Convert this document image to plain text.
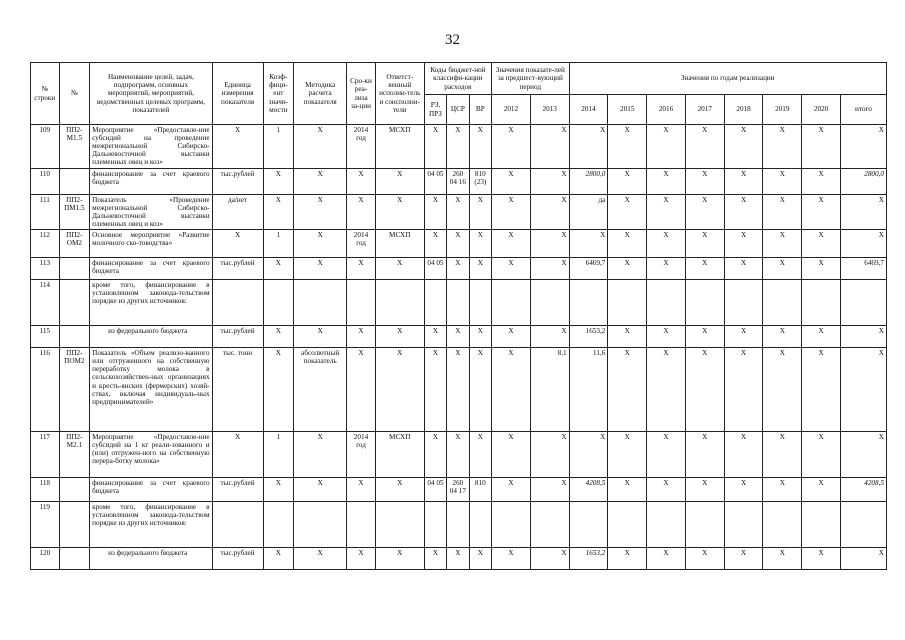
32
№ строки	№	Наименование целей, задач, подпрограмм, основных мероприятий, мероприятий, ведомственных целевых программ, показателей	Единица измерения показателя	Коэф-фици-ент значи-мости	Методика расчета показателя	Сро-ки реа-лиза за-ции	Ответст-венный исполни-тель и соисполни-тели	Коды бюджет-ной классифи-кации расходов			Значения показате-лей за предшест-вующий период		Значения по годам реализации							
								РЗ, ПРЗ	ЦСР	ВР	2012	2013	2014	2015	2016	2017	2018	2019	2020	итого
109	ПП2-М1.5	Мероприятие «Предоставле-ние субсидий на проведение межрегиональной Сибирско-Дальневосточной выставки племенных овец и коз»	Х	1	Х	2014 год	МСХП	Х	Х	Х	Х	Х	Х	Х	Х	Х	Х	Х	Х	Х
110		финансирование за счет краевого бюджета	тыс.рублей	Х	Х	Х	Х	04 05	260 04 16	810 (23)	Х	Х	2800,0	Х	Х	Х	Х	Х	Х	2800,0
111	ПП2-ПМ1.5	Показатель «Проведение межрегиональной Сибирско-Дальневосточной выставки племенных овец и коз»	да/нет	Х	Х	Х	Х	Х	Х	Х	Х	Х	да	Х	Х	Х	Х	Х	Х	Х
112	ПП2-ОМ2	Основное мероприятие «Развитие молочного ско-товодства»	Х	1	Х	2014 год	МСХП	Х	Х	Х	Х	Х	Х	Х	Х	Х	Х	Х	Х	Х
113		финансирование за счет краевого бюджета	тыс.рублей	Х	Х	Х	Х	04 05	Х	Х	Х	Х	6469,7	Х	Х	Х	Х	Х	Х	6469,7
114		кроме того, финансирование в установленном законода-тельством порядке из других источников:																		
115		из федерального бюджета	тыс.рублей	Х	Х	Х	Х	Х	Х	Х	Х	Х	1653,2	Х	Х	Х	Х	Х	Х	Х
116	ПП2-ПОМ2	Показатель «Объем реализо-ванного или отгруженного на собственную переработку молока в сельскохозяйствен-ных организациях и кресть-янских (фермерских) хозяй-ствах, включая индивидуаль-ных предпринимателей»	тыс. тонн	Х	абсолютный показатель	Х	Х	Х	Х	Х	Х	8,1	11,6	Х	Х	Х	Х	Х	Х	Х
117	ПП2-М2.1	Мероприятие «Предоставле-ние субсидий на 1 кг реали-зованного и (или) отгружен-ного на собственную перера-ботку молока»	Х	1	Х	2014 год	МСХП	Х	Х	Х	Х	Х	Х	Х	Х	Х	Х	Х	Х	Х
118		финансирование за счет краевого бюджета	тыс.рублей	Х	Х	Х	Х	04 05	260 04 17	810	Х	Х	4208,5	Х	Х	Х	Х	Х	Х	4208,5
119		кроме того, финансирование в установленном законода-тельством порядке из других источников:																		
120		из федерального бюджета	тыс.рублей	Х	Х	Х	Х	Х	Х	Х	Х	Х	1653,2	Х	Х	Х	Х	Х	Х	Х
